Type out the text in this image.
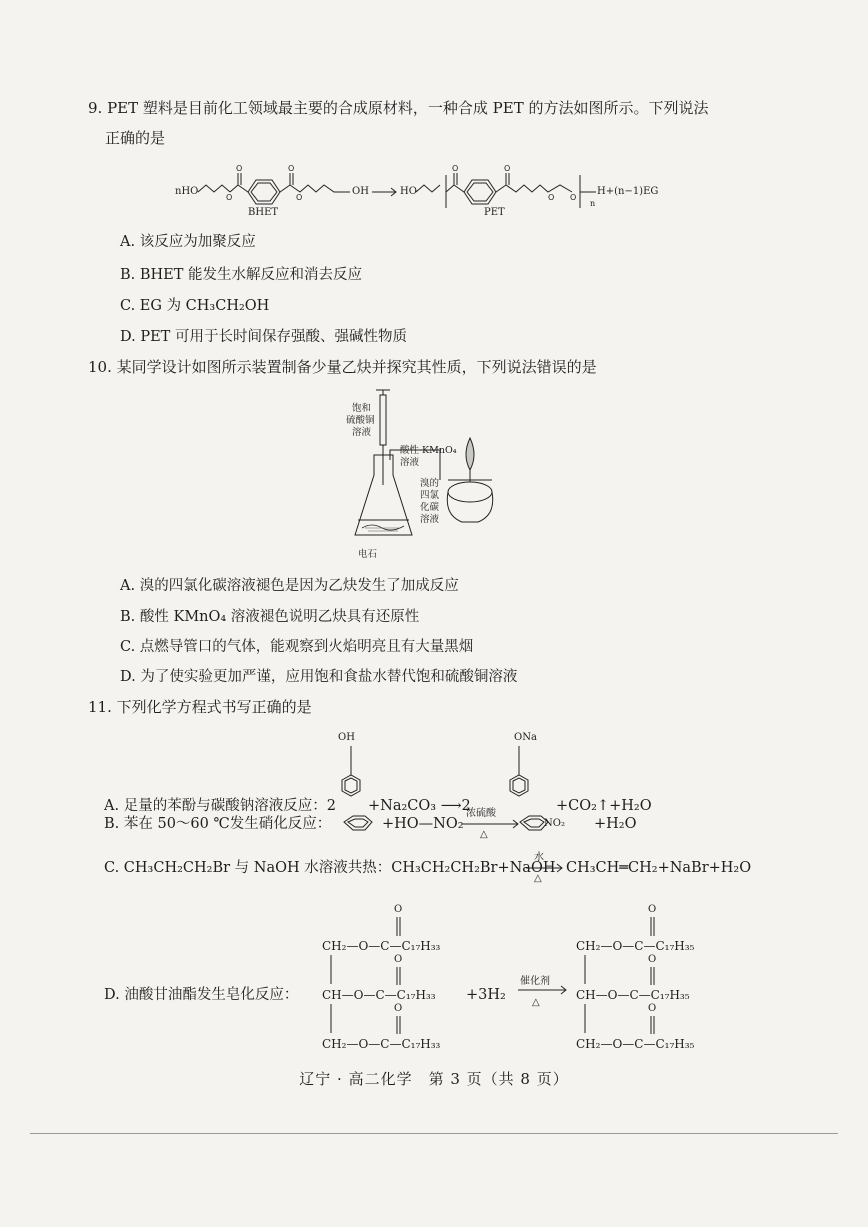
9. PET 塑料是目前化工领域最主要的合成原材料，一种合成 PET 的方法如图所示。下列说法
正确的是
nHO	OH
BHET
HO
PET
n
H+(n−1)EG
O	O	O	O
O	O	O O
A. 该反应为加聚反应
B. BHET 能发生水解反应和消去反应
C. EG 为 CH₃CH₂OH
D. PET 可用于长时间保存强酸、强碱性物质
10. 某同学设计如图所示装置制备少量乙炔并探究其性质，下列说法错误的是
饱和
硫酸铜
溶液
酸性 KMnO₄
溶液
溴的
四氯
化碳
溶液
电石
A. 溴的四氯化碳溶液褪色是因为乙炔发生了加成反应
B. 酸性 KMnO₄ 溶液褪色说明乙炔具有还原性
C. 点燃导管口的气体，能观察到火焰明亮且有大量黑烟
D. 为了使实验更加严谨，应用饱和食盐水替代饱和硫酸铜溶液
11. 下列化学方程式书写正确的是
A. 足量的苯酚与碳酸钠溶液反应：2
OH
+Na₂CO₃ ⟶2
ONa
+CO₂↑+H₂O
B. 苯在 50～60 ℃发生硝化反应：	+HO—NO₂
浓硫酸
△
NO₂ +H₂O
C. CH₃CH₂CH₂Br 与 NaOH 水溶液共热：CH₃CH₂CH₂Br+NaOH
水
△
CH₃CH═CH₂+NaBr+H₂O
D. 油酸甘油酯发生皂化反应：
CH₂—O—C—C₁₇H₃₃
CH—O—C—C₁₇H₃₃
CH₂—O—C—C₁₇H₃₃
+3H₂
催化剂
△
CH₂—O—C—C₁₇H₃₅
CH—O—C—C₁₇H₃₅
CH₂—O—C—C₁₇H₃₅
O
O
O
O
O
O
辽宁 · 高二化学　第 3 页（共 8 页）
